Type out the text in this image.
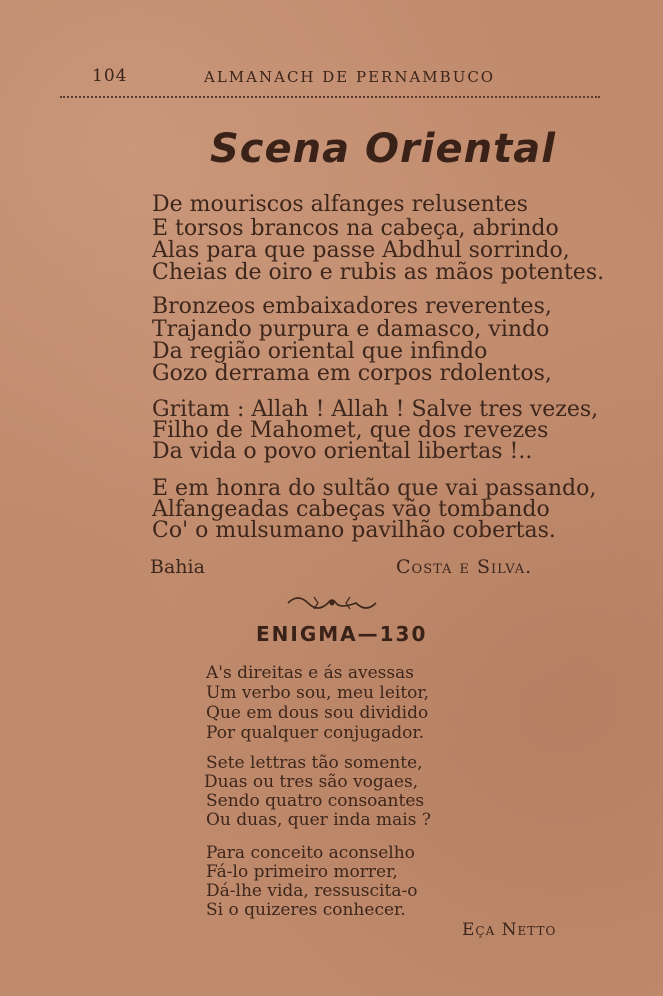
104	ALMANACH DE PERNAMBUCO
Scena Oriental
De mouriscos alfanges relusentes
E torsos brancos na cabeça, abrindo
Alas para que passe Abdhul sorrindo,
Cheias de oiro e rubis as mãos potentes.
Bronzeos embaixadores reverentes,
Trajando purpura e damasco, vindo
Da região oriental que infindo
Gozo derrama em corpos rdolentos,
Gritam : Allah ! Allah ! Salve tres vezes,
Filho de Mahomet, que dos revezes
Da vida o povo oriental libertas !..
E em honra do sultão que vai passando,
Alfangeadas cabeças vão tombando
Co' o mulsumano pavilhão cobertas.
Bahia	Costa e Silva.
ENIGMA—130
A's direitas e ás avessas
Um verbo sou, meu leitor,
Que em dous sou dividido
Por qualquer conjugador.
Sete lettras tão somente,
Duas ou tres são vogaes,
Sendo quatro consoantes
Ou duas, quer inda mais ?
Para conceito aconselho
Fá-lo primeiro morrer,
Dá-lhe vida, ressuscita-o
Si o quizeres conhecer.
Eça Netto
